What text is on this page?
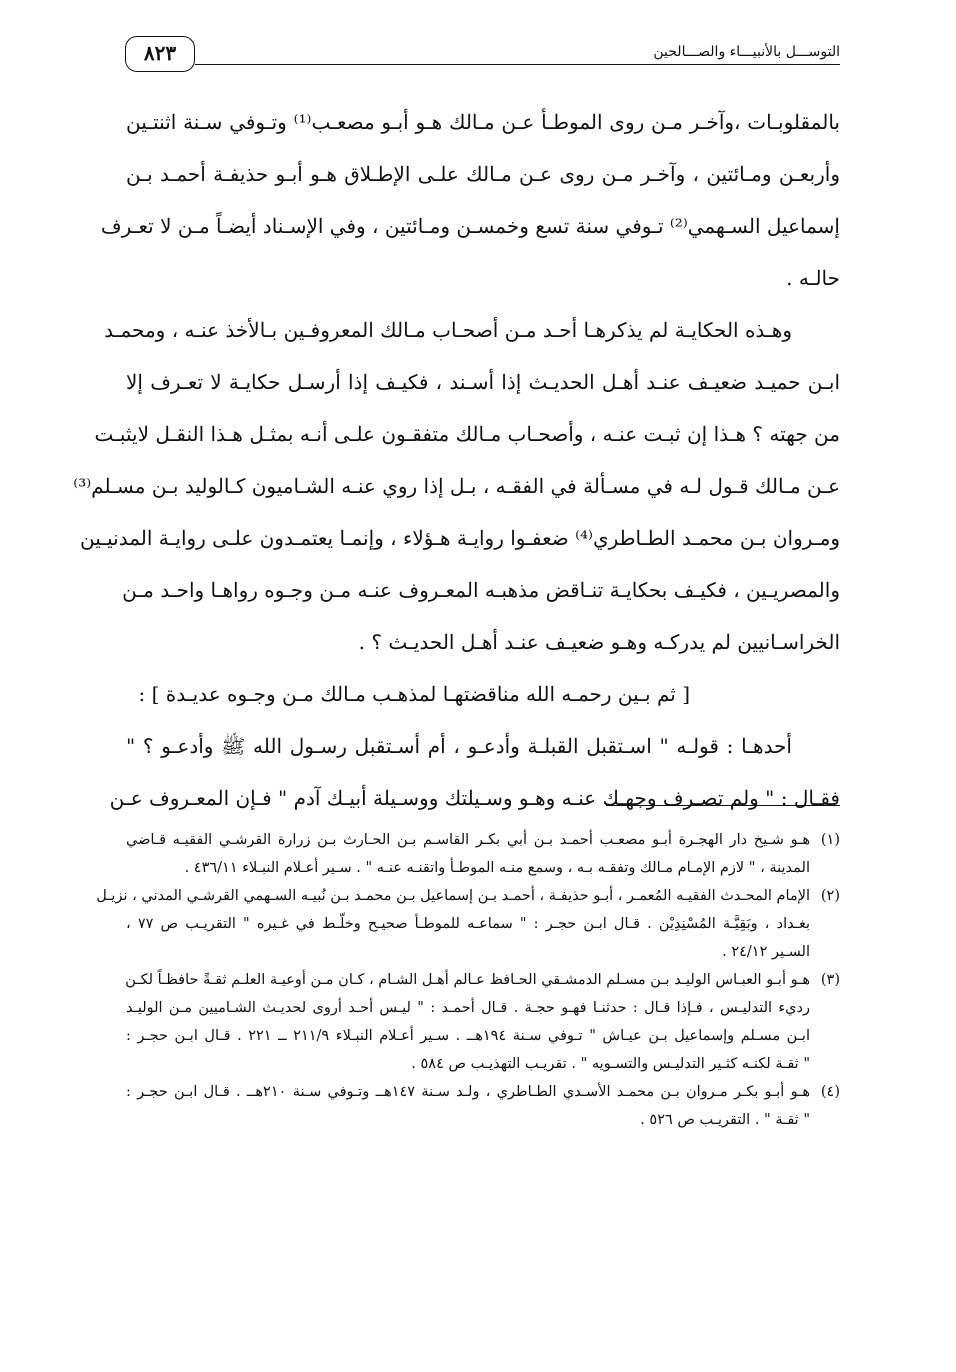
التوســـل بالأنبيـــاء والصـــالحين
٨٢٣
بالمقلوبـات ،وآخـر مـن روى الموطـأ عـن مـالك هـو أبـو مصعـب⁽¹⁾ وتـوفي سـنة اثنتـين
وأربعـن ومـائتين ، وآخـر مـن روى عـن مـالك علـى الإطـلاق هـو أبـو حذيفـة أحمـد بـن
إسماعيل السـهمي⁽²⁾ تـوفي سنة تسع وخمسـن ومـائتين ، وفي الإسـناد أيضـاً مـن لا تعـرف
حالـه .
وهـذه الحكايـة لم يذكرهـا أحـد مـن أصحـاب مـالك المعروفـين بـالأخذ عنـه ، ومحمـد
ابـن حميـد ضعيـف عنـد أهـل الحديـث إذا أسـند ، فكيـف إذا أرسـل حكايـة لا تعـرف إلا
من جهته ؟ هـذا إن ثبـت عنـه ، وأصحـاب مـالك متفقـون علـى أنـه بمثـل هـذا النقـل لايثبـت
عـن مـالك قـول لـه في مسـألة في الفقـه ، بـل إذا روي عنـه الشـاميون كـالوليد بـن مسـلم⁽³⁾
ومـروان بـن محمـد الطـاطري⁽⁴⁾ ضعفـوا روايـة هـؤلاء ، وإنمـا يعتمـدون علـى روايـة المدنيـين
والمصريـين ، فكيـف بحكايـة تنـاقض مذهبـه المعـروف عنـه مـن وجـوه رواهـا واحـد مـن
الخراسـانيين لم يدركـه وهـو ضعيـف عنـد أهـل الحديـث ؟ .
[ ثم بـين رحمـه الله مناقضتهـا لمذهـب مـالك مـن وجـوه عديـدة ] :
أحدهـا : قولـه " اسـتقبل القبلـة وأدعـو ، أم أسـتقبل رسـول الله ﷺ وأدعـو ؟ "
فقـال : " ولم تصـرف وجهـك عنـه وهـو وسـيلتك ووسـيلة أبيـك آدم " فـإن المعـروف عـن
(١)هـو شـيخ دار الهجـرة أبـو مصعـب أحمـد بـن أبي بكـر القاسـم بـن الحـارث بـن زرارة القرشـي الفقيـه قـاضي
المدينة ، " لازم الإمـام مـالك وتفقـه بـه ، وسمع منـه الموطـأ واتقنـه عنـه " . سـير أعـلام النبـلاء ٤٣٦/١١ .
(٢)الإمام المحـدث الفقيـه المُعمـر ، أبـو حذيفـة ، أحمـد بـن إسماعيل بـن محمـد بـن نُبيـه السـهمي القرشـي المدني ، نزيـل
بغـداد ، وبَقِيَّـة المُسْنِدِيْن . قـال ابـن حجـر : " سماعـه للموطـأ صحيـح وخلّـط في غـيره " التقريـب ص ٧٧ ،
السـير ٢٤/١٢ .
(٣)هـو أبـو العبـاس الوليـد بـن مسـلم الدمشـقي الحـافظ عـالم أهـل الشـام ، كـان مـن أوعيـة العلـم ثقـةً حافظـاً لكـن
رديء التدليـس ، فـإذا قـال : حدثنـا فهـو حجـة . قـال أحمـد : " ليـس أحـد أروى لحديـث الشـاميين مـن الوليـد
ابـن مسـلم وإسماعيل بـن عيـاش " تـوفي سـنة ١٩٤هــ . سـير أعـلام النبـلاء ٢١١/٩ ــ ٢٢١ . قـال ابـن حجـر :
" ثقـة لكنـه كثـير التدليـس والتسـويه " . تقريـب التهذيـب ص ٥٨٤ .
(٤)هـو أبـو بكـر مـروان بـن محمـد الأسـدي الطـاطري ، ولـد سـنة ١٤٧هــ وتـوفي سـنة ٢١٠هــ . قـال ابـن حجـر :
" ثقـة " . التقريـب ص ٥٢٦ .
